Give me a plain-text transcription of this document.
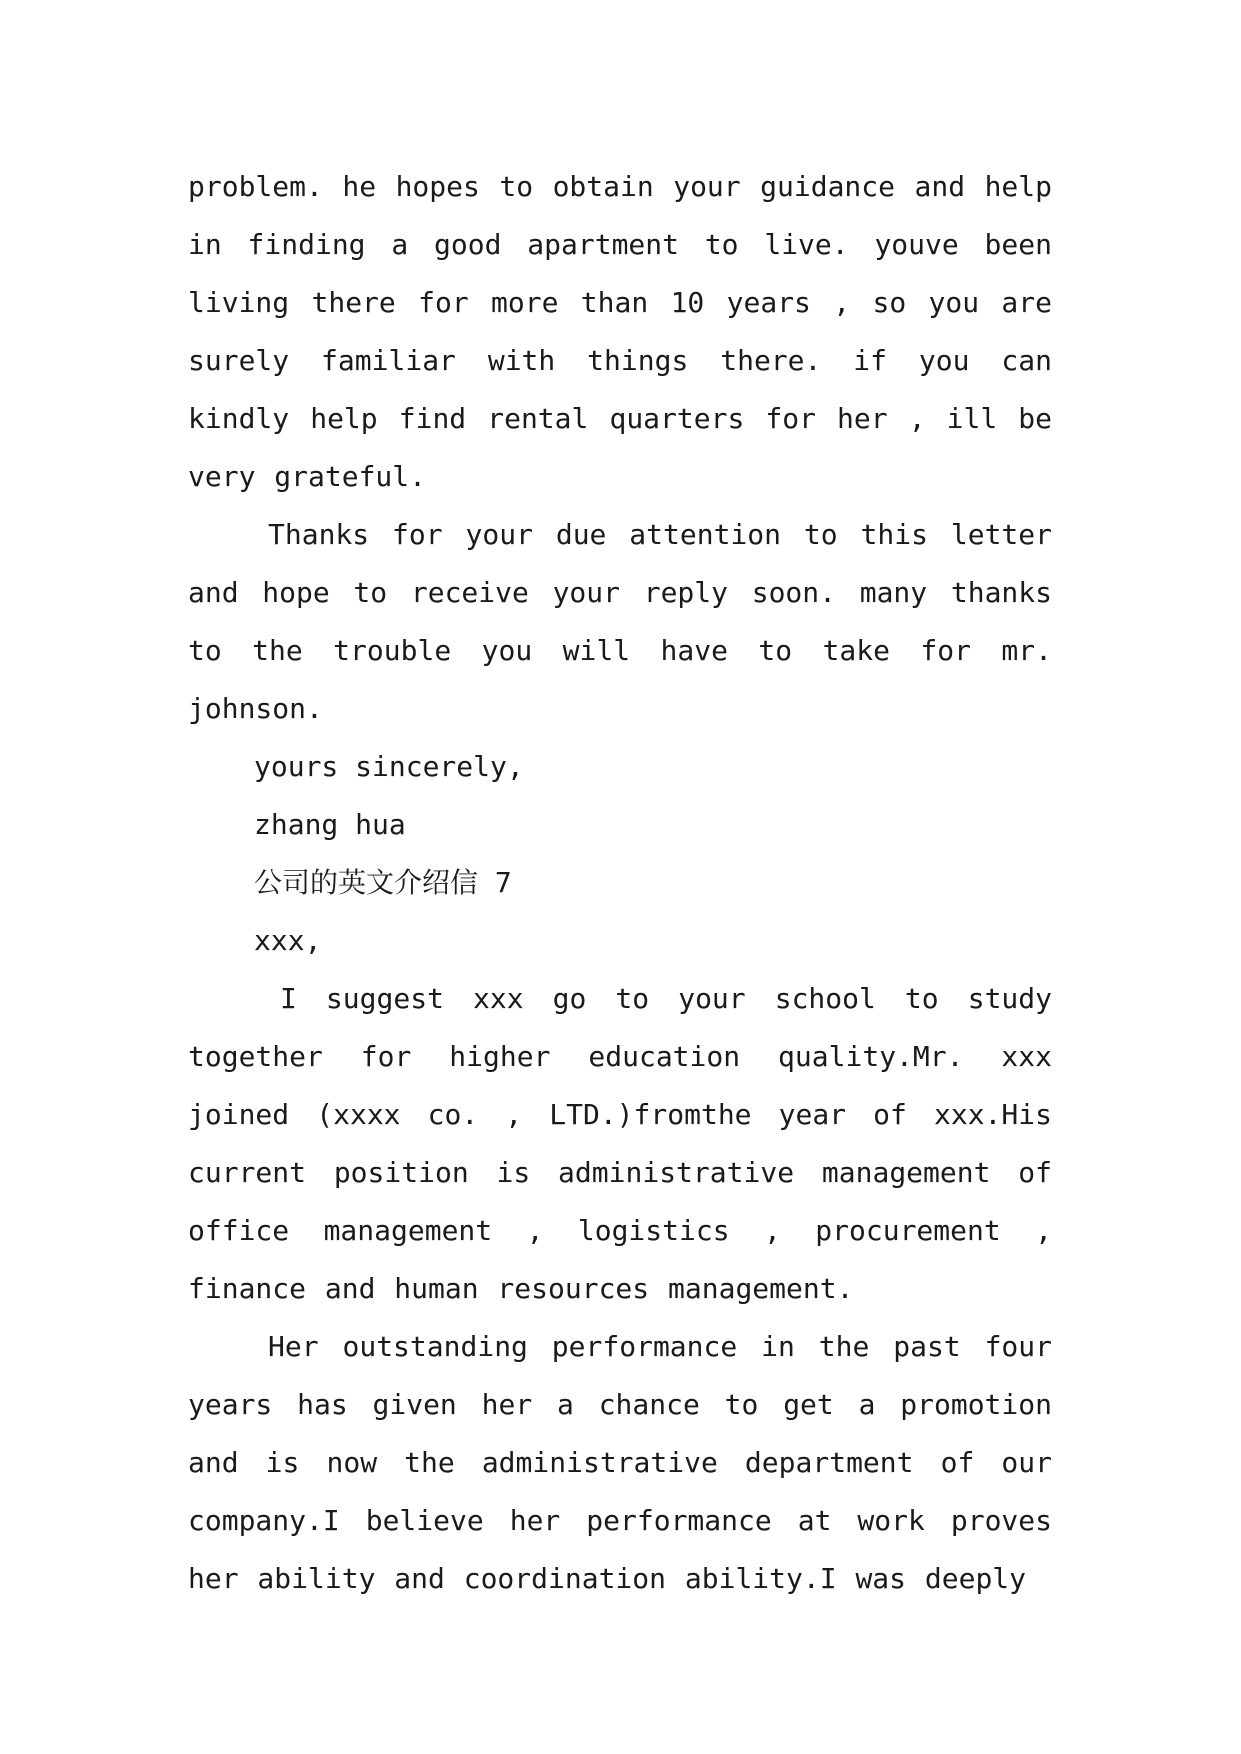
problem. he hopes to obtain your guidance and help in finding a good apartment to live. youve been living there for more than 10 years , so you are surely familiar with things there. if you can kindly help find rental quarters for her , ill be very grateful.

Thanks for your due attention to this letter and hope to receive your reply soon. many thanks to the trouble you will have to take for mr. johnson.

yours sincerely,

zhang hua

公司的英文介绍信 7

xxx,

I suggest xxx go to your school to study together for higher education quality.Mr. xxx joined (xxxx co. , LTD.)fromthe year of xxx.His current position is administrative management of office management , logistics , procurement , finance and human resources management.

Her outstanding performance in the past four years has given her a chance to get a promotion and is now the administrative department of our company.I believe her performance at work proves her ability and coordination ability.I was deeply
